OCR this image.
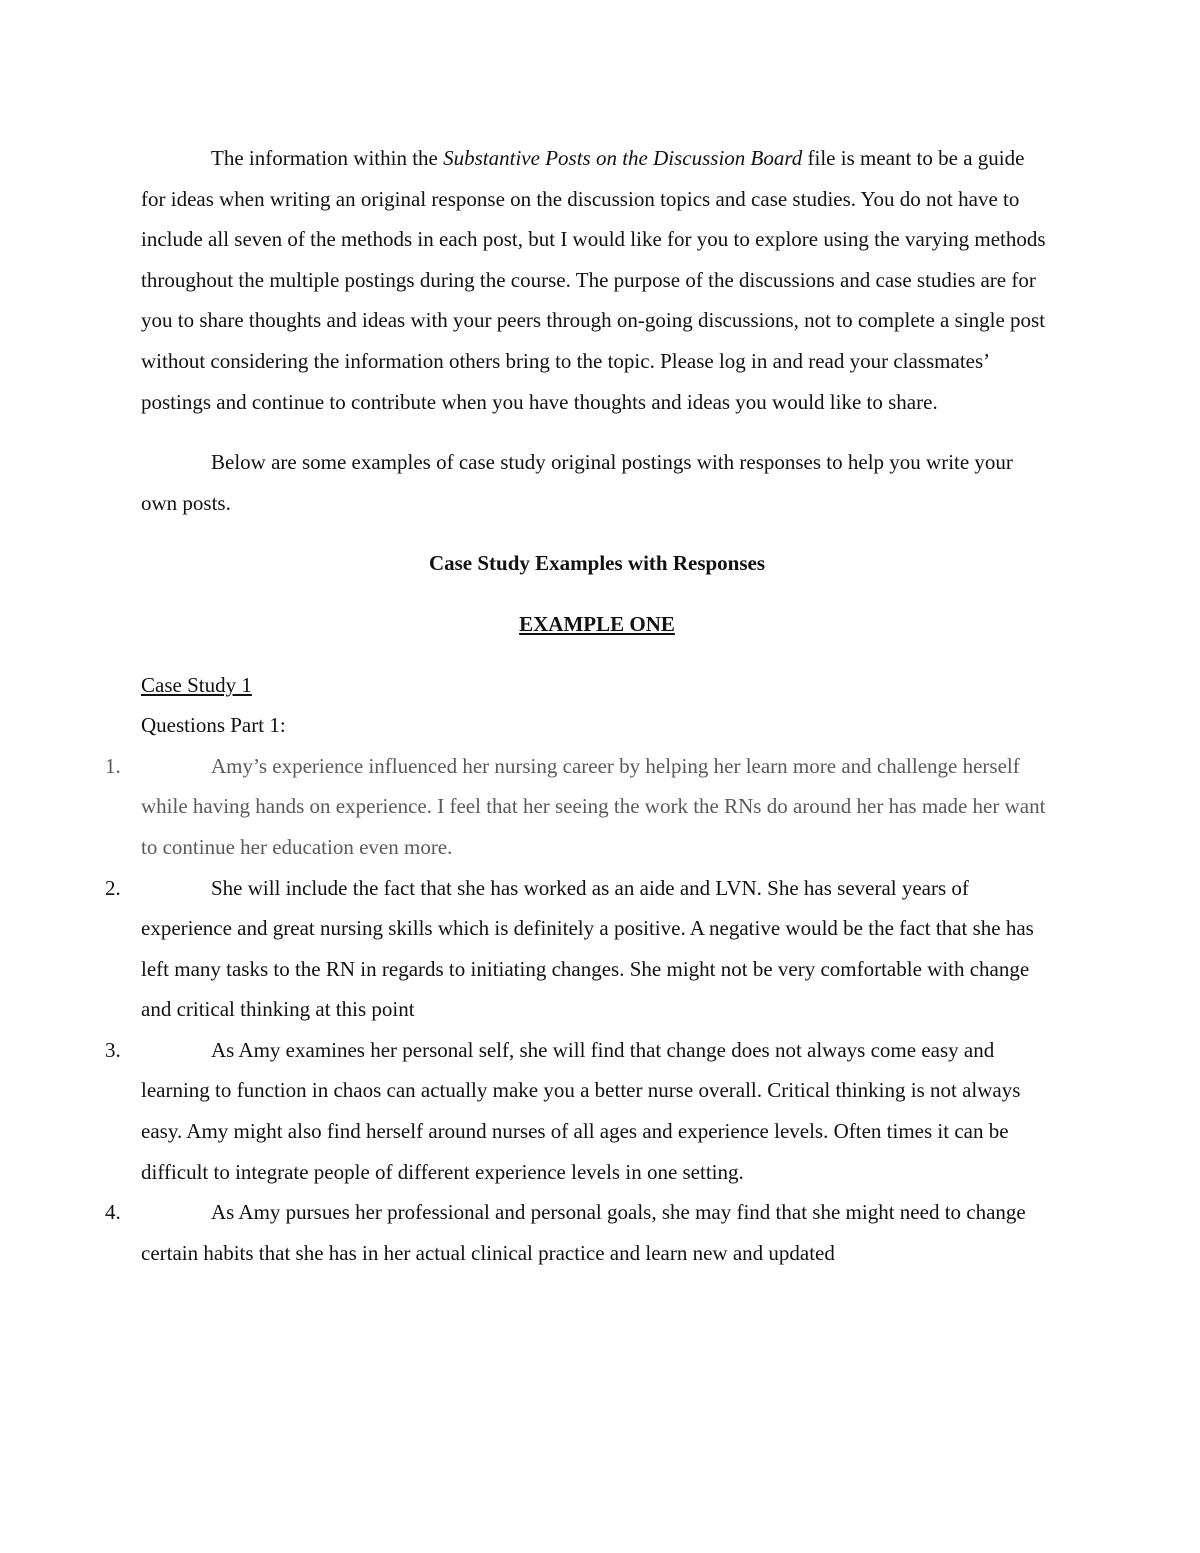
The information within the Substantive Posts on the Discussion Board file is meant to be a guide for ideas when writing an original response on the discussion topics and case studies. You do not have to include all seven of the methods in each post, but I would like for you to explore using the varying methods throughout the multiple postings during the course. The purpose of the discussions and case studies are for you to share thoughts and ideas with your peers through on-going discussions, not to complete a single post without considering the information others bring to the topic. Please log in and read your classmates’ postings and continue to contribute when you have thoughts and ideas you would like to share.

Below are some examples of case study original postings with responses to help you write your own posts.

Case Study Examples with Responses

EXAMPLE ONE

Case Study 1

Questions Part 1:

1.	Amy’s experience influenced her nursing career by helping her learn more and challenge herself while having hands on experience. I feel that her seeing the work the RNs do around her has made her want to continue her education even more.
2.	She will include the fact that she has worked as an aide and LVN. She has several years of experience and great nursing skills which is definitely a positive. A negative would be the fact that she has left many tasks to the RN in regards to initiating changes. She might not be very comfortable with change and critical thinking at this point
3.	As Amy examines her personal self, she will find that change does not always come easy and learning to function in chaos can actually make you a better nurse overall. Critical thinking is not always easy. Amy might also find herself around nurses of all ages and experience levels. Often times it can be difficult to integrate people of different experience levels in one setting.
4.	As Amy pursues her professional and personal goals, she may find that she might need to change certain habits that she has in her actual clinical practice and learn new and updated
